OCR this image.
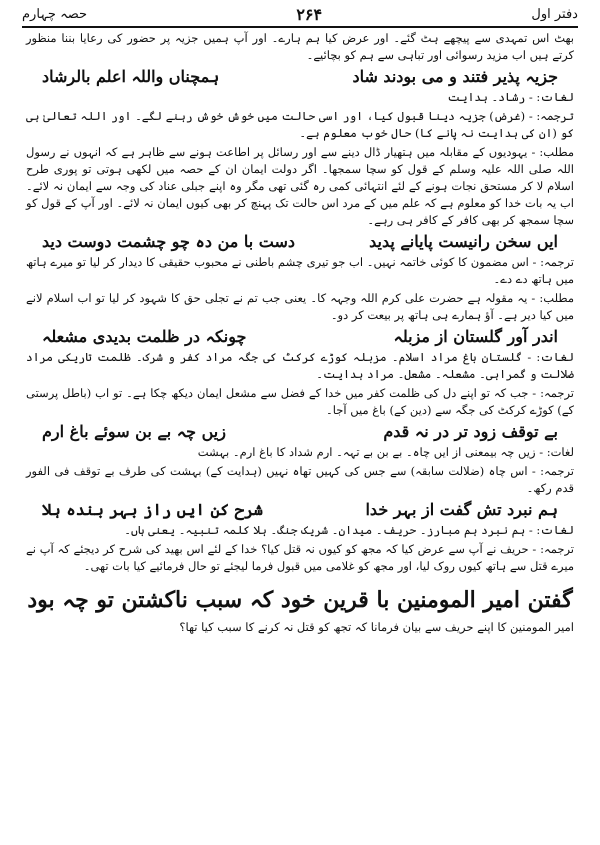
حصہ چہارم	۲۶۴	دفتر اول

بھٹ اس تمہدی سے پیچھے ہٹ گئے۔ اور عرض کیا ہم ہارے۔ اور آپ ہمیں جزیہ پر حضور کی رعایا بننا منظور کرتے ہیں اب مزید رسوائی اور تباہی سے ہم کو بچائیے۔

جزیہ پذیر فتند و می بودند شاد
ہمچناں واللہ اعلم بالرشاد

لغات: - رشاد۔ ہدایت

ترجمہ: - (غرض) جزیہ دینا قبول کیا، اور اسی حالت میں خوش خوش رہنے لگے۔ اور اللہ تعالیٰ ہی کو (ان کی ہدایت نہ پانے کا) حال خوب معلوم ہے۔

مطلب: - یہودیوں کے مقابلہ میں ہتھیار ڈال دینے سے اور رسائل پر اطاعت ہونے سے ظاہر ہے کہ انہوں نے رسول اللہ صلی اللہ علیہ وسلم کے قول کو سچا سمجھا۔ اگر دولت ایمان ان کے حصہ میں لکھی ہوتی تو پوری طرح اسلام لا کر مستحق نجات ہونے کے لئے انتہائی کمی رہ گئی تھی مگر وہ اپنے جبلی عناد کی وجہ سے ایمان نہ لائے۔ اب یہ بات خدا کو معلوم ہے کہ علم میں کے مرد اس حالت تک پہنچ کر بھی کیوں ایمان نہ لائے۔ اور آپ کے قول کو سچا سمجھ کر بھی کافر کے کافر ہی رہے۔

ایں سخن رانیست پایانے پدید
دست با من دہ چو چشمت دوست دید

ترجمہ: - اس مضمون کا کوئی خاتمہ نہیں۔ اب جو تیری چشم باطنی نے محبوب حقیقی کا دیدار کر لیا تو میرے ہاتھ میں ہاتھ دے دے۔

مطلب: - یہ مقولہ ہے حضرت علی کرم اللہ وجہہ کا۔ یعنی جب تم نے تجلی حق کا شہود کر لیا تو اب اسلام لانے میں کیا دیر ہے۔ آؤ ہمارے ہی ہاتھ پر بیعت کر دو۔

اندر آور گلستان از مزبلہ
چونکہ در ظلمت بدیدی مشعلہ

لغات: - گلستان باغ مراد اسلام۔ مزبلہ کوڑے کرکٹ کی جگہ مراد کفر و شرک۔ ظلمت تاریکی مراد ضلالت و گمراہی۔ مشعلہ۔ مشعل۔ مراد ہدایت۔

ترجمہ: - جب کہ تو اپنے دل کی ظلمت کفر میں خدا کے فضل سے مشعل ایمان دیکھ چکا ہے۔ تو اب (باطل پرستی کے) کوڑے کرکٹ کی جگہ سے (دین کے) باغ میں آجا۔

بے توقف زود تر در نہ قدم
زیں چہ بے بن سوئے باغ ارم

لغات: - زیں چہ بیمعنی از ایں چاہ۔ بے بن بے تہہ۔ ارم شداد کا باغ ارم۔ بہشت

ترجمہ: - اس چاہ (ضلالت سابقہ) سے جس کی کہیں تھاہ نہیں (ہدایت کے) بہشت کی طرف بے توقف فی الفور قدم رکھ۔

ہم نبرد تش گفت از بہر خدا
شرح کن ایں راز بہر بندہ ہلا

لغات: - ہم نبرد ہم مبارز۔ حریف۔ میدان۔ شریک جنگ۔ ہلا کلمہ تنبیہ۔ یعنی ہاں۔

ترجمہ: - حریف نے آپ سے عرض کیا کہ مجھ کو کیوں نہ قتل کیا؟ خدا کے لئے اس بھید کی شرح کر دیجئے کہ آپ نے میرے قتل سے ہاتھ کیوں روک لیا، اور مجھ کو غلامی میں قبول فرما لیجئے تو حال فرمائیے کیا بات تھی۔

گفتن امیر المومنین با قرین خود کہ سبب ناکشتن تو چہ بود
امیر المومنین کا اپنے حریف سے بیان فرمانا کہ تجھ کو قتل نہ کرنے کا سبب کیا تھا؟
